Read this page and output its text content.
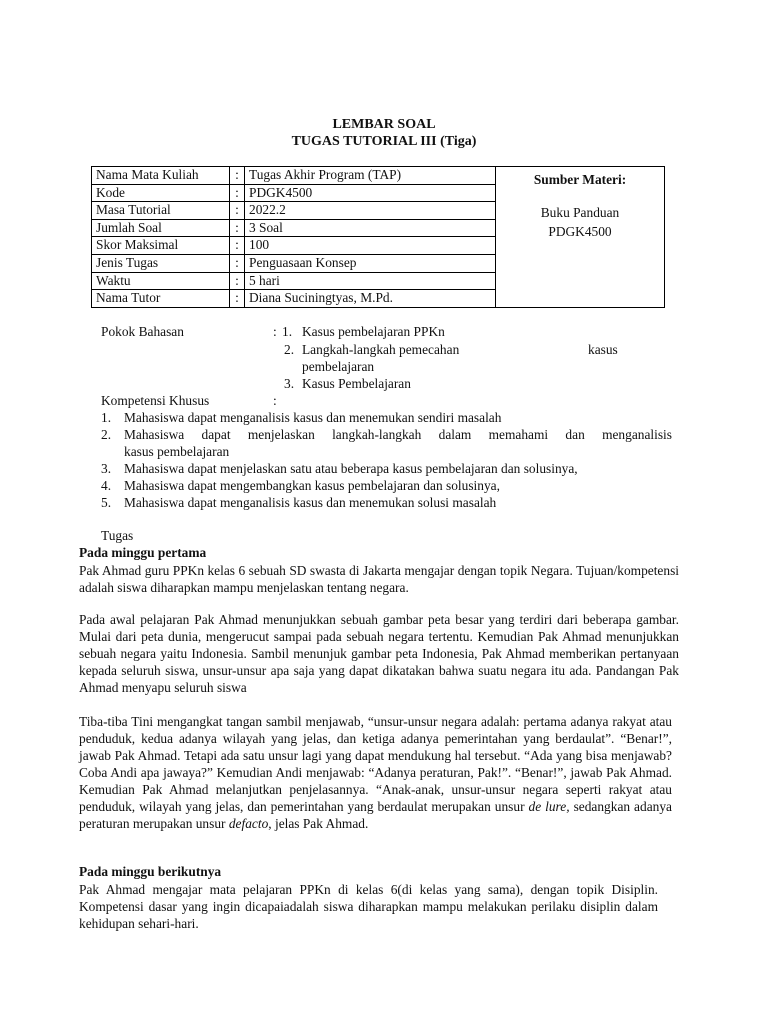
LEMBAR SOAL
TUGAS TUTORIAL III (Tiga)
Nama Mata Kuliah	:	Tugas Akhir Program (TAP)	Sumber Materi:
Buku Panduan
PDGK4500

Kode	:	PDGK4500	
Masa Tutorial	:	2022.2	
Jumlah Soal	:	3 Soal	
Skor Maksimal	:	100	
Jenis Tugas	:	Penguasaan Konsep	
Waktu	:	5 hari	
Nama Tutor	:	Diana Suciningtyas, M.Pd.	
Pokok Bahasan	: 1. Kasus pembelajaran PPKn
2. Langkah-langkah pemecahan	kasus
pembelajaran
3. Kasus Pembelajaran
Kompetensi Khusus	:
1. Mahasiswa dapat menganalisis kasus dan menemukan sendiri masalah
2. Mahasiswa dapat menjelaskan langkah-langkah dalam memahami dan menganalisis
kasus pembelajaran
3. Mahasiswa dapat menjelaskan satu atau beberapa kasus pembelajaran dan solusinya,
4. Mahasiswa dapat mengembangkan kasus pembelajaran dan solusinya,
5. Mahasiswa dapat menganalisis kasus dan menemukan solusi masalah
Tugas
Pada minggu pertama
Pak Ahmad guru PPKn kelas 6 sebuah SD swasta di Jakarta mengajar dengan topik Negara. Tujuan/kompetensi adalah siswa diharapkan mampu menjelaskan tentang negara.
Pada awal pelajaran Pak Ahmad menunjukkan sebuah gambar peta besar yang terdiri dari beberapa gambar. Mulai dari peta dunia, mengerucut sampai pada sebuah negara tertentu. Kemudian Pak Ahmad menunjukkan sebuah negara yaitu Indonesia. Sambil menunjuk gambar peta Indonesia, Pak Ahmad memberikan pertanyaan kepada seluruh siswa, unsur-unsur apa saja yang dapat dikatakan bahwa suatu negara itu ada. Pandangan Pak Ahmad menyapu seluruh siswa
Tiba-tiba Tini mengangkat tangan sambil menjawab, “unsur-unsur negara adalah: pertama adanya rakyat atau penduduk, kedua adanya wilayah yang jelas, dan ketiga adanya pemerintahan yang berdaulat”. “Benar!”, jawab Pak Ahmad. Tetapi ada satu unsur lagi yang dapat mendukung hal tersebut. “Ada yang bisa menjawab? Coba Andi apa jawaya?” Kemudian Andi menjawab: “Adanya peraturan, Pak!”. “Benar!”, jawab Pak Ahmad. Kemudian Pak Ahmad melanjutkan penjelasannya. “Anak-anak, unsur-unsur negara seperti rakyat atau penduduk, wilayah yang jelas, dan pemerintahan yang berdaulat merupakan unsur de lure, sedangkan adanya peraturan merupakan unsur defacto, jelas Pak Ahmad.
Pada minggu berikutnya
Pak Ahmad mengajar mata pelajaran PPKn di kelas 6(di kelas yang sama), dengan topik Disiplin. Kompetensi dasar yang ingin dicapaiadalah siswa diharapkan mampu melakukan perilaku disiplin dalam kehidupan sehari-hari.
